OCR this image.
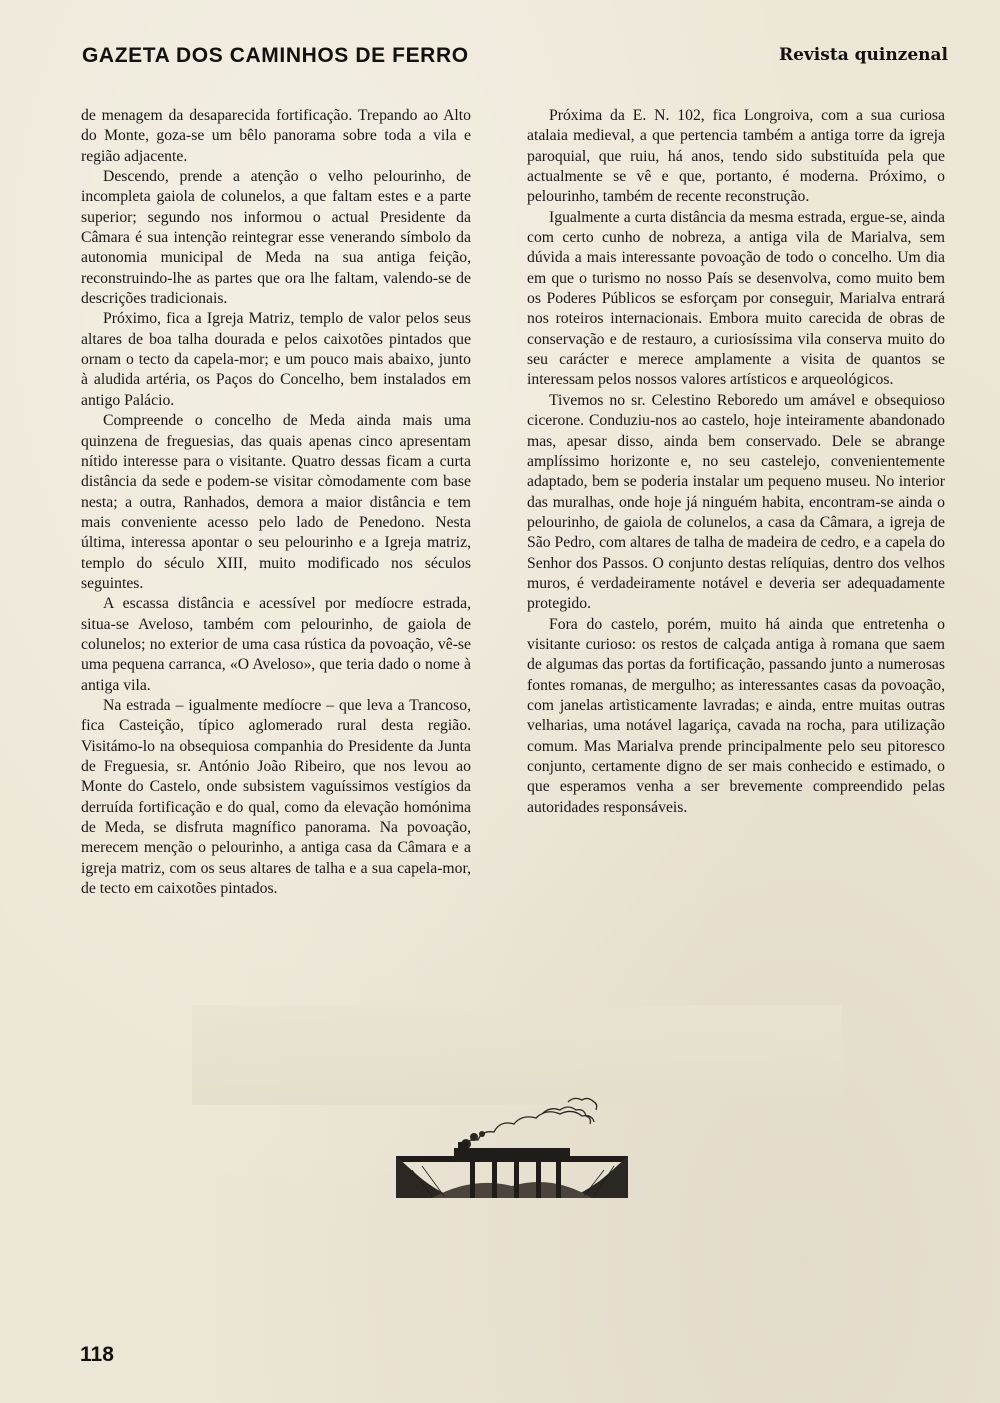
GAZETA DOS CAMINHOS DE FERRO	Revista quinzenal

de menagem da desaparecida fortificação. Trepando ao Alto do Monte, goza-se um bêlo panorama sobre toda a vila e região adjacente.

Descendo, prende a atenção o velho pelourinho, de incompleta gaiola de colunelos, a que faltam estes e a parte superior; segundo nos informou o actual Presidente da Câmara é sua intenção reintegrar esse venerando símbolo da autonomia municipal de Meda na sua antiga feição, reconstruindo-lhe as partes que ora lhe faltam, valendo-se de descrições tradicionais.

Próximo, fica a Igreja Matriz, templo de valor pelos seus altares de boa talha dourada e pelos caixotões pintados que ornam o tecto da capela-mor; e um pouco mais abaixo, junto à aludida artéria, os Paços do Concelho, bem instalados em antigo Palácio.

Compreende o concelho de Meda ainda mais uma quinzena de freguesias, das quais apenas cinco apresentam nítido interesse para o visitante. Quatro dessas ficam a curta distância da sede e podem-se visitar còmodamente com base nesta; a outra, Ranhados, demora a maior distância e tem mais conveniente acesso pelo lado de Penedono. Nesta última, interessa apontar o seu pelourinho e a Igreja matriz, templo do século XIII, muito modificado nos séculos seguintes.

A escassa distância e acessível por medíocre estrada, situa-se Aveloso, também com pelourinho, de gaiola de colunelos; no exterior de uma casa rústica da povoação, vê-se uma pequena carranca, «O Aveloso», que teria dado o nome à antiga vila.

Na estrada – igualmente medíocre – que leva a Trancoso, fica Casteição, típico aglomerado rural desta região. Visitámo-lo na obsequiosa companhia do Presidente da Junta de Freguesia, sr. António João Ribeiro, que nos levou ao Monte do Castelo, onde subsistem vaguíssimos vestígios da derruída fortificação e do qual, como da elevação homónima de Meda, se disfruta magnífico panorama. Na povoação, merecem menção o pelourinho, a antiga casa da Câmara e a igreja matriz, com os seus altares de talha e a sua capela-mor, de tecto em caixotões pintados.

Próxima da E. N. 102, fica Longroiva, com a sua curiosa atalaia medieval, a que pertencia também a antiga torre da igreja paroquial, que ruiu, há anos, tendo sido substituída pela que actualmente se vê e que, portanto, é moderna. Próximo, o pelourinho, também de recente reconstrução.

Igualmente a curta distância da mesma estrada, ergue-se, ainda com certo cunho de nobreza, a antiga vila de Marialva, sem dúvida a mais interessante povoação de todo o concelho. Um dia em que o turismo no nosso País se desenvolva, como muito bem os Poderes Públicos se esforçam por conseguir, Marialva entrará nos roteiros internacionais. Embora muito carecida de obras de conservação e de restauro, a curiosíssima vila conserva muito do seu carácter e merece amplamente a visita de quantos se interessam pelos nossos valores artísticos e arqueológicos.

Tivemos no sr. Celestino Reboredo um amável e obsequioso cicerone. Conduziu-nos ao castelo, hoje inteiramente abandonado mas, apesar disso, ainda bem conservado. Dele se abrange amplíssimo horizonte e, no seu castelejo, convenientemente adaptado, bem se poderia instalar um pequeno museu. No interior das muralhas, onde hoje já ninguém habita, encontram-se ainda o pelourinho, de gaiola de colunelos, a casa da Câmara, a igreja de São Pedro, com altares de talha de madeira de cedro, e a capela do Senhor dos Passos. O conjunto destas relíquias, dentro dos velhos muros, é verdadeiramente notável e deveria ser adequadamente protegido.

Fora do castelo, porém, muito há ainda que entretenha o visitante curioso: os restos de calçada antiga à romana que saem de algumas das portas da fortificação, passando junto a numerosas fontes romanas, de mergulho; as interessantes casas da povoação, com janelas artìsticamente lavradas; e ainda, entre muitas outras velharias, uma notável lagariça, cavada na rocha, para utilização comum. Mas Marialva prende principalmente pelo seu pitoresco conjunto, certamente digno de ser mais conhecido e estimado, o que esperamos venha a ser brevemente compreendido pelas autoridades responsáveis.

118
